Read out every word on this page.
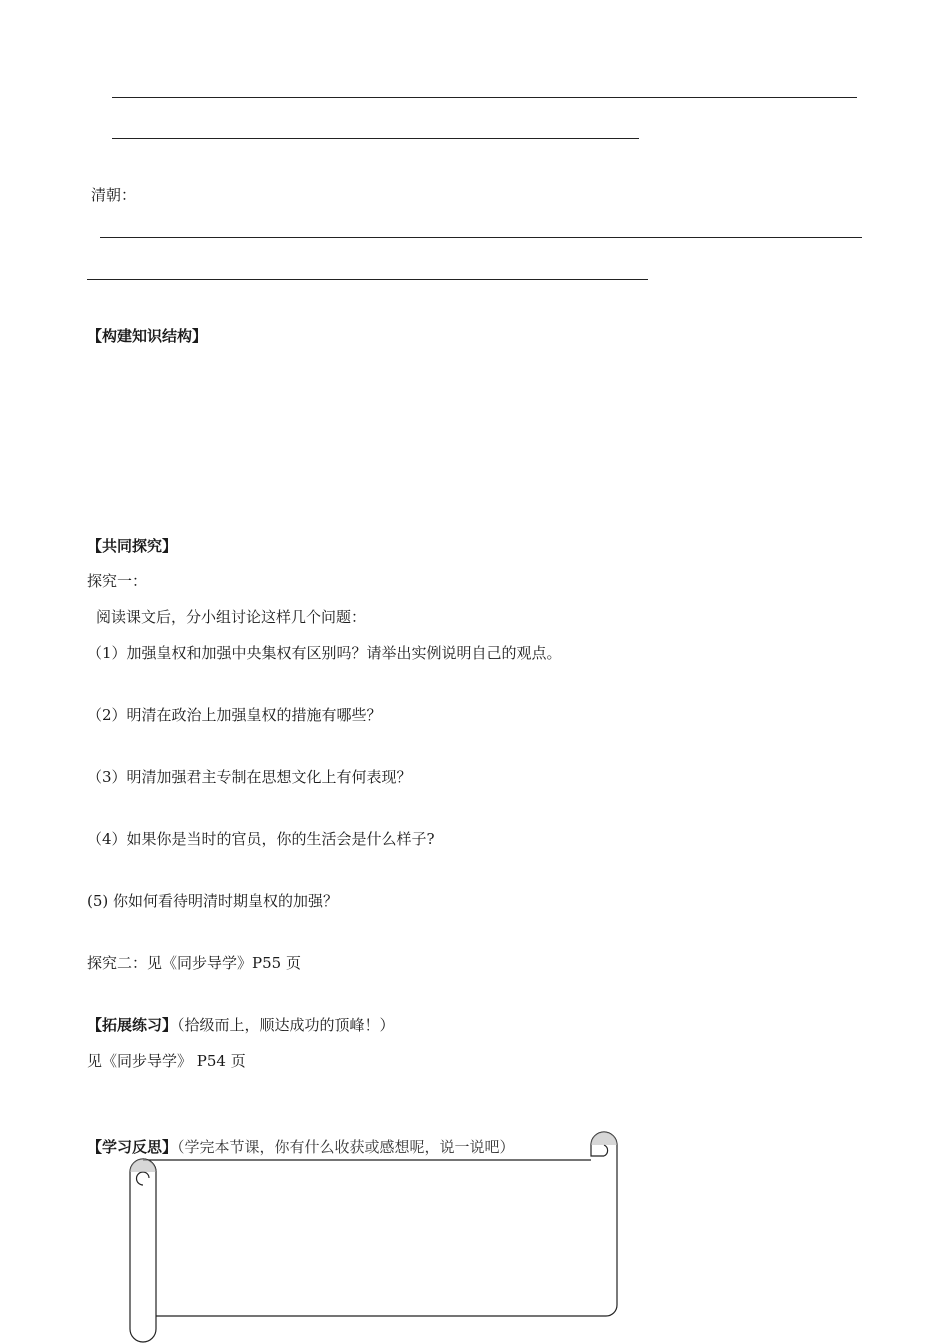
清朝：
【构建知识结构】
【共同探究】
探究一：
阅读课文后，分小组讨论这样几个问题：
（1）加强皇权和加强中央集权有区别吗？请举出实例说明自己的观点。
（2）明清在政治上加强皇权的措施有哪些？
（3）明清加强君主专制在思想文化上有何表现？
（4）如果你是当时的官员，你的生活会是什么样子?
(5) 你如何看待明清时期皇权的加强？
探究二：见《同步导学》P55 页
【拓展练习】（拾级而上，顺达成功的顶峰！）
见《同步导学》 P54 页
【学习反思】（学完本节课，你有什么收获或感想呢，说一说吧）
